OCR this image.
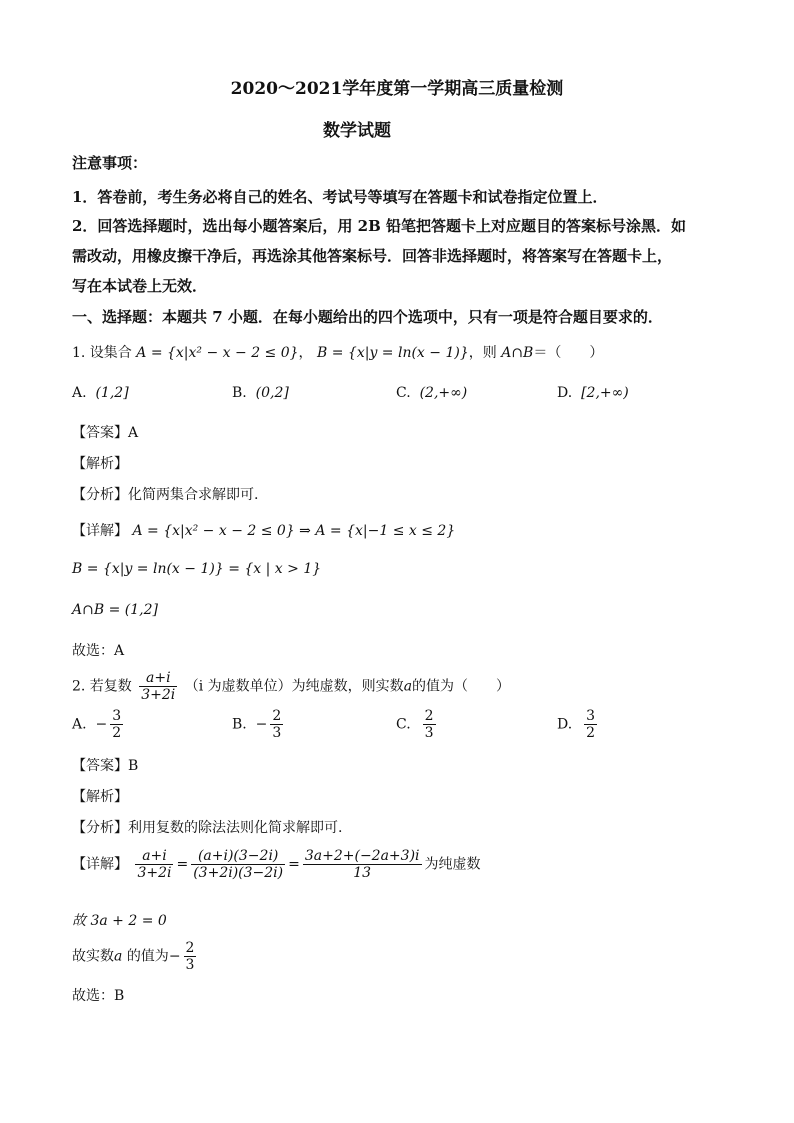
2020～2021学年度第一学期高三质量检测
数学试题
注意事项：
1．答卷前，考生务必将自己的姓名、考试号等填写在答题卡和试卷指定位置上．
2．回答选择题时，选出每小题答案后，用 2B 铅笔把答题卡上对应题目的答案标号涂黑．如
需改动，用橡皮擦干净后，再选涂其他答案标号．回答非选择题时，将答案写在答题卡上，
写在本试卷上无效．
一、选择题：本题共 7 小题．在每小题给出的四个选项中，只有一项是符合题目要求的．
1. 设集合 A = {x|x² − x − 2 ≤ 0}， B = {x|y = ln(x − 1)}，则 A∩B＝（　　）
A. (1,2]	B. (0,2]	C. (2,+∞)	D. [2,+∞)
【答案】A
【解析】
【分析】化简两集合求解即可.
【详解】 A = {x|x² − x − 2 ≤ 0} ⇒ A = {x|−1 ≤ x ≤ 2}
B = {x|y = ln(x − 1)} = {x | x > 1}
A∩B = (1,2]
故选：A
2. 若复数 $\frac{a+i}{3+2i} (i$ 为虚数单位）为纯虚数，则实数a的值为（　　）
A. − $\frac{3}{2}$	B. − $\frac{2}{3}$	C. $\frac{2}{3}$	D. $\frac{3}{2}$
【答案】B
【解析】
【分析】利用复数的除法法则化简求解即可.
【详解】 $\frac{a+i}{3+2i} = \frac{(a+i)(3-2i)}{(3+2i)(3-2i)} = \frac{3a+2+(-2a+3)i}{13}$ 为纯虚数
故 3a + 2 = 0
故实数a 的值为− $\frac{2}{3}$
故选：B
